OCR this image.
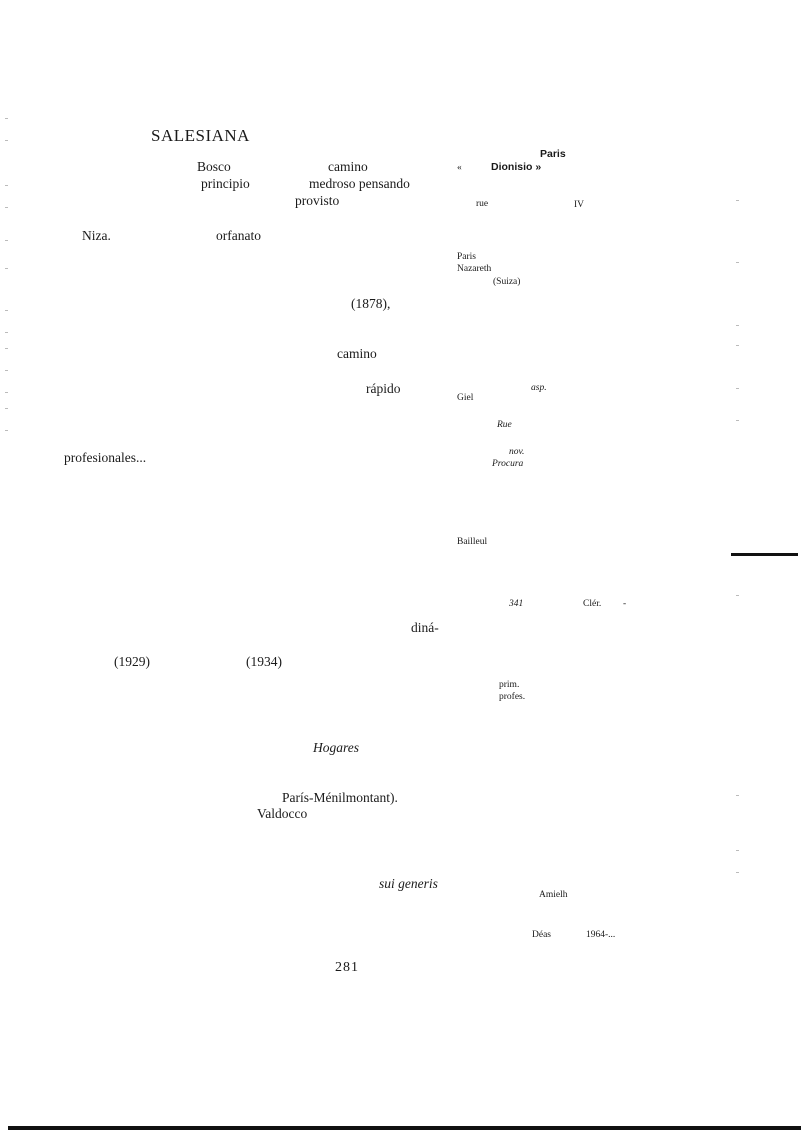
SALESIANA
Bosco	camino
principio	medroso pensando
provisto
Niza.	orfanato
(1878),
camino
rápido
profesionales...
diná-
(1929)	(1934)
Hogares
París-Ménilmontant).
Valdocco
sui generis
Paris
«	Dionisio »
rue	IV
Paris
Nazareth
(Suiza)
asp.
Giel
Rue
nov.
Procura
Bailleul
341	Clér. -
prim.
profes.
Amielh
Déas	1964-...
281
